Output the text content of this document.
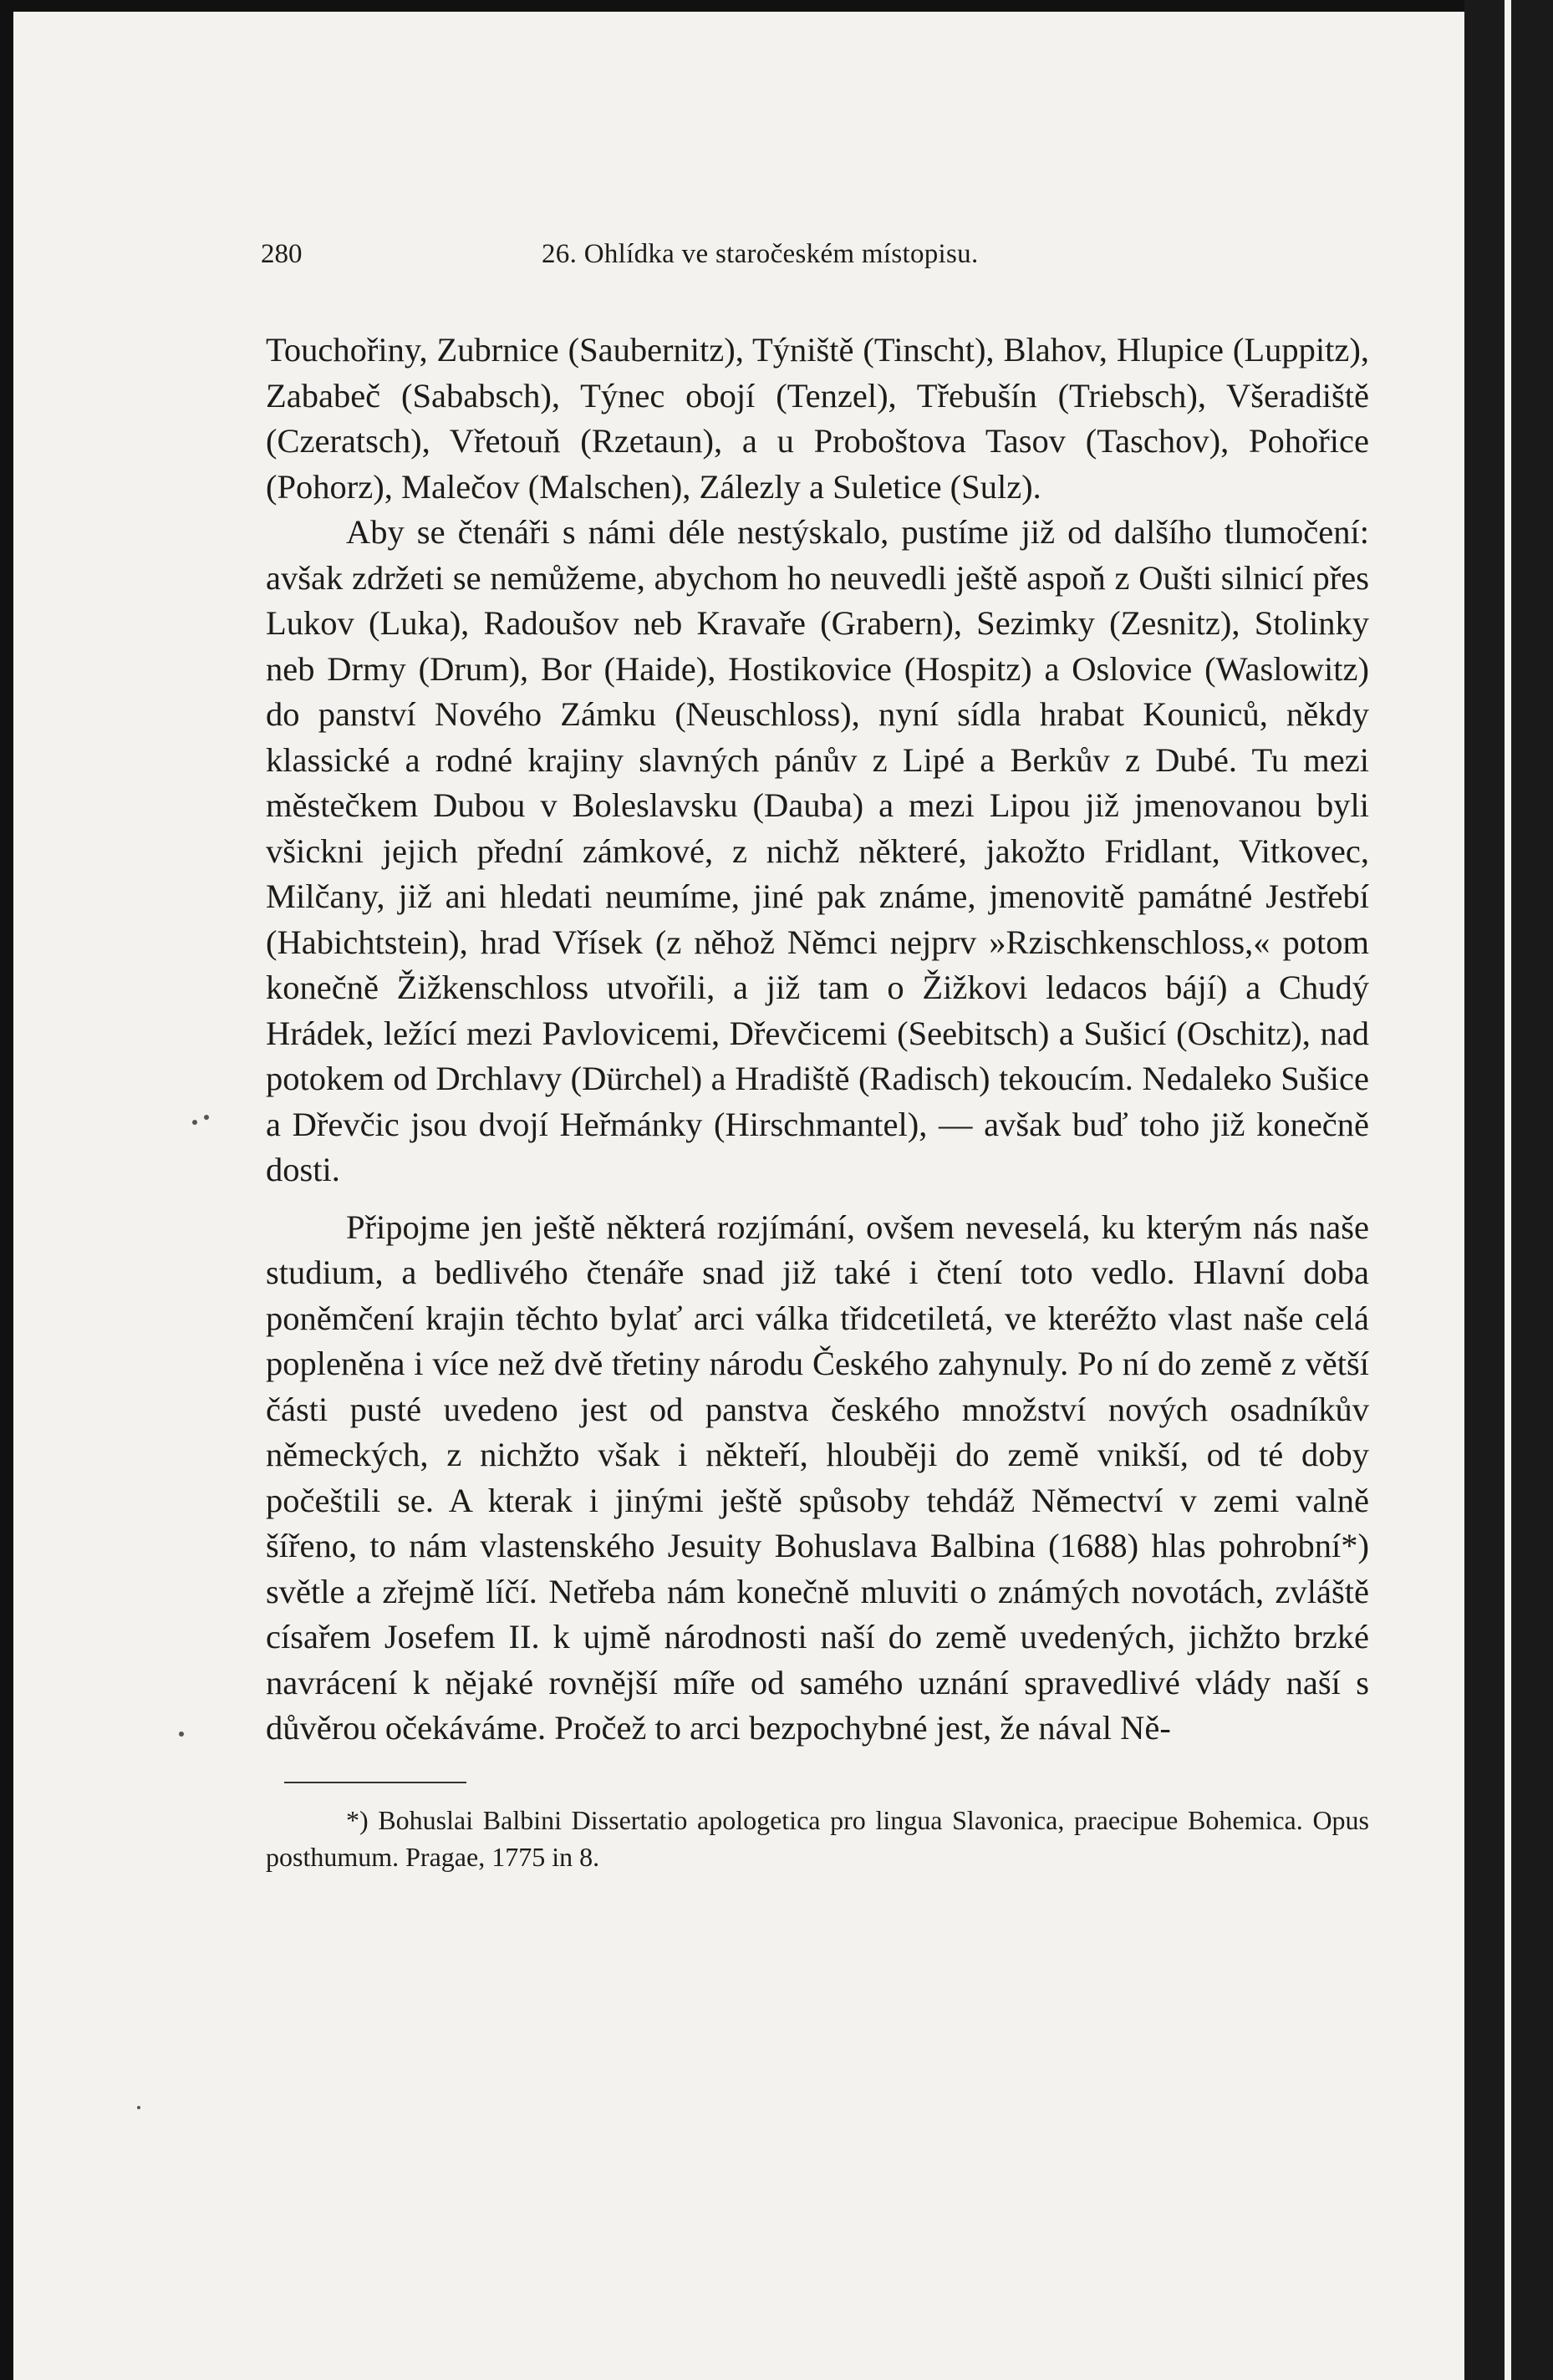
280	26. Ohlídka ve staročeském místopisu.

Touchořiny, Zubrnice (Saubernitz), Týniště (Tinscht), Blahov, Hlupice (Luppitz), Zababeč (Sababsch), Týnec obojí (Tenzel), Třebušín (Triebsch), Všeradiště (Czeratsch), Vřetouň (Rzetaun), a u Proboštova Tasov (Taschov), Pohořice (Pohorz), Malečov (Malschen), Zálezly a Suletice (Sulz).

Aby se čtenáři s námi déle nestýskalo, pustíme již od dalšího tlumočení: avšak zdržeti se nemůžeme, abychom ho neuvedli ještě aspoň z Oušti silnicí přes Lukov (Luka), Radoušov neb Kravaře (Grabern), Sezimky (Zesnitz), Stolinky neb Drmy (Drum), Bor (Haide), Hostikovice (Hospitz) a Oslovice (Waslowitz) do panství Nového Zámku (Neuschloss), nyní sídla hrabat Kouniců, někdy klassické a rodné krajiny slavných pánův z Lipé a Berkův z Dubé. Tu mezi městečkem Dubou v Boleslavsku (Dauba) a mezi Lipou již jmenovanou byli všickni jejich přední zámkové, z nichž některé, jakožto Fridlant, Vitkovec, Milčany, již ani hledati neumíme, jiné pak známe, jmenovitě památné Jestřebí (Habichtstein), hrad Vřísek (z něhož Němci nejprv »Rzischkenschloss,« potom konečně Žižkenschloss utvořili, a již tam o Žižkovi ledacos bájí) a Chudý Hrádek, ležící mezi Pavlovicemi, Dřevčicemi (Seebitsch) a Sušicí (Oschitz), nad potokem od Drchlavy (Dürchel) a Hradiště (Radisch) tekoucím. Nedaleko Sušice a Dřevčic jsou dvojí Heřmánky (Hirschmantel), — avšak buď toho již konečně dosti.

Připojme jen ještě některá rozjímání, ovšem neveselá, ku kterým nás naše studium, a bedlivého čtenáře snad již také i čtení toto vedlo. Hlavní doba poněmčení krajin těchto bylať arci válka třidcetiletá, ve kteréžto vlast naše celá popleněna i více než dvě třetiny národu Českého zahynuly. Po ní do země z větší části pusté uvedeno jest od panstva českého množství nových osadníkův německých, z nichžto však i někteří, hlouběji do země vnikší, od té doby počeštili se. A kterak i jinými ještě spůsoby tehdáž Němectví v zemi valně šířeno, to nám vlastenského Jesuity Bohuslava Balbina (1688) hlas pohrobní*) světle a zřejmě líčí. Netřeba nám konečně mluviti o známých novotách, zvláště císařem Josefem II. k ujmě národnosti naší do země uvedených, jichžto brzké navrácení k nějaké rovnější míře od samého uznání spravedlivé vlády naší s důvěrou očekáváme. Pročež to arci bezpochybné jest, že nával Ně-

*) Bohuslai Balbini Dissertatio apologetica pro lingua Slavonica, praecipue Bohemica. Opus posthumum. Pragae, 1775 in 8.
